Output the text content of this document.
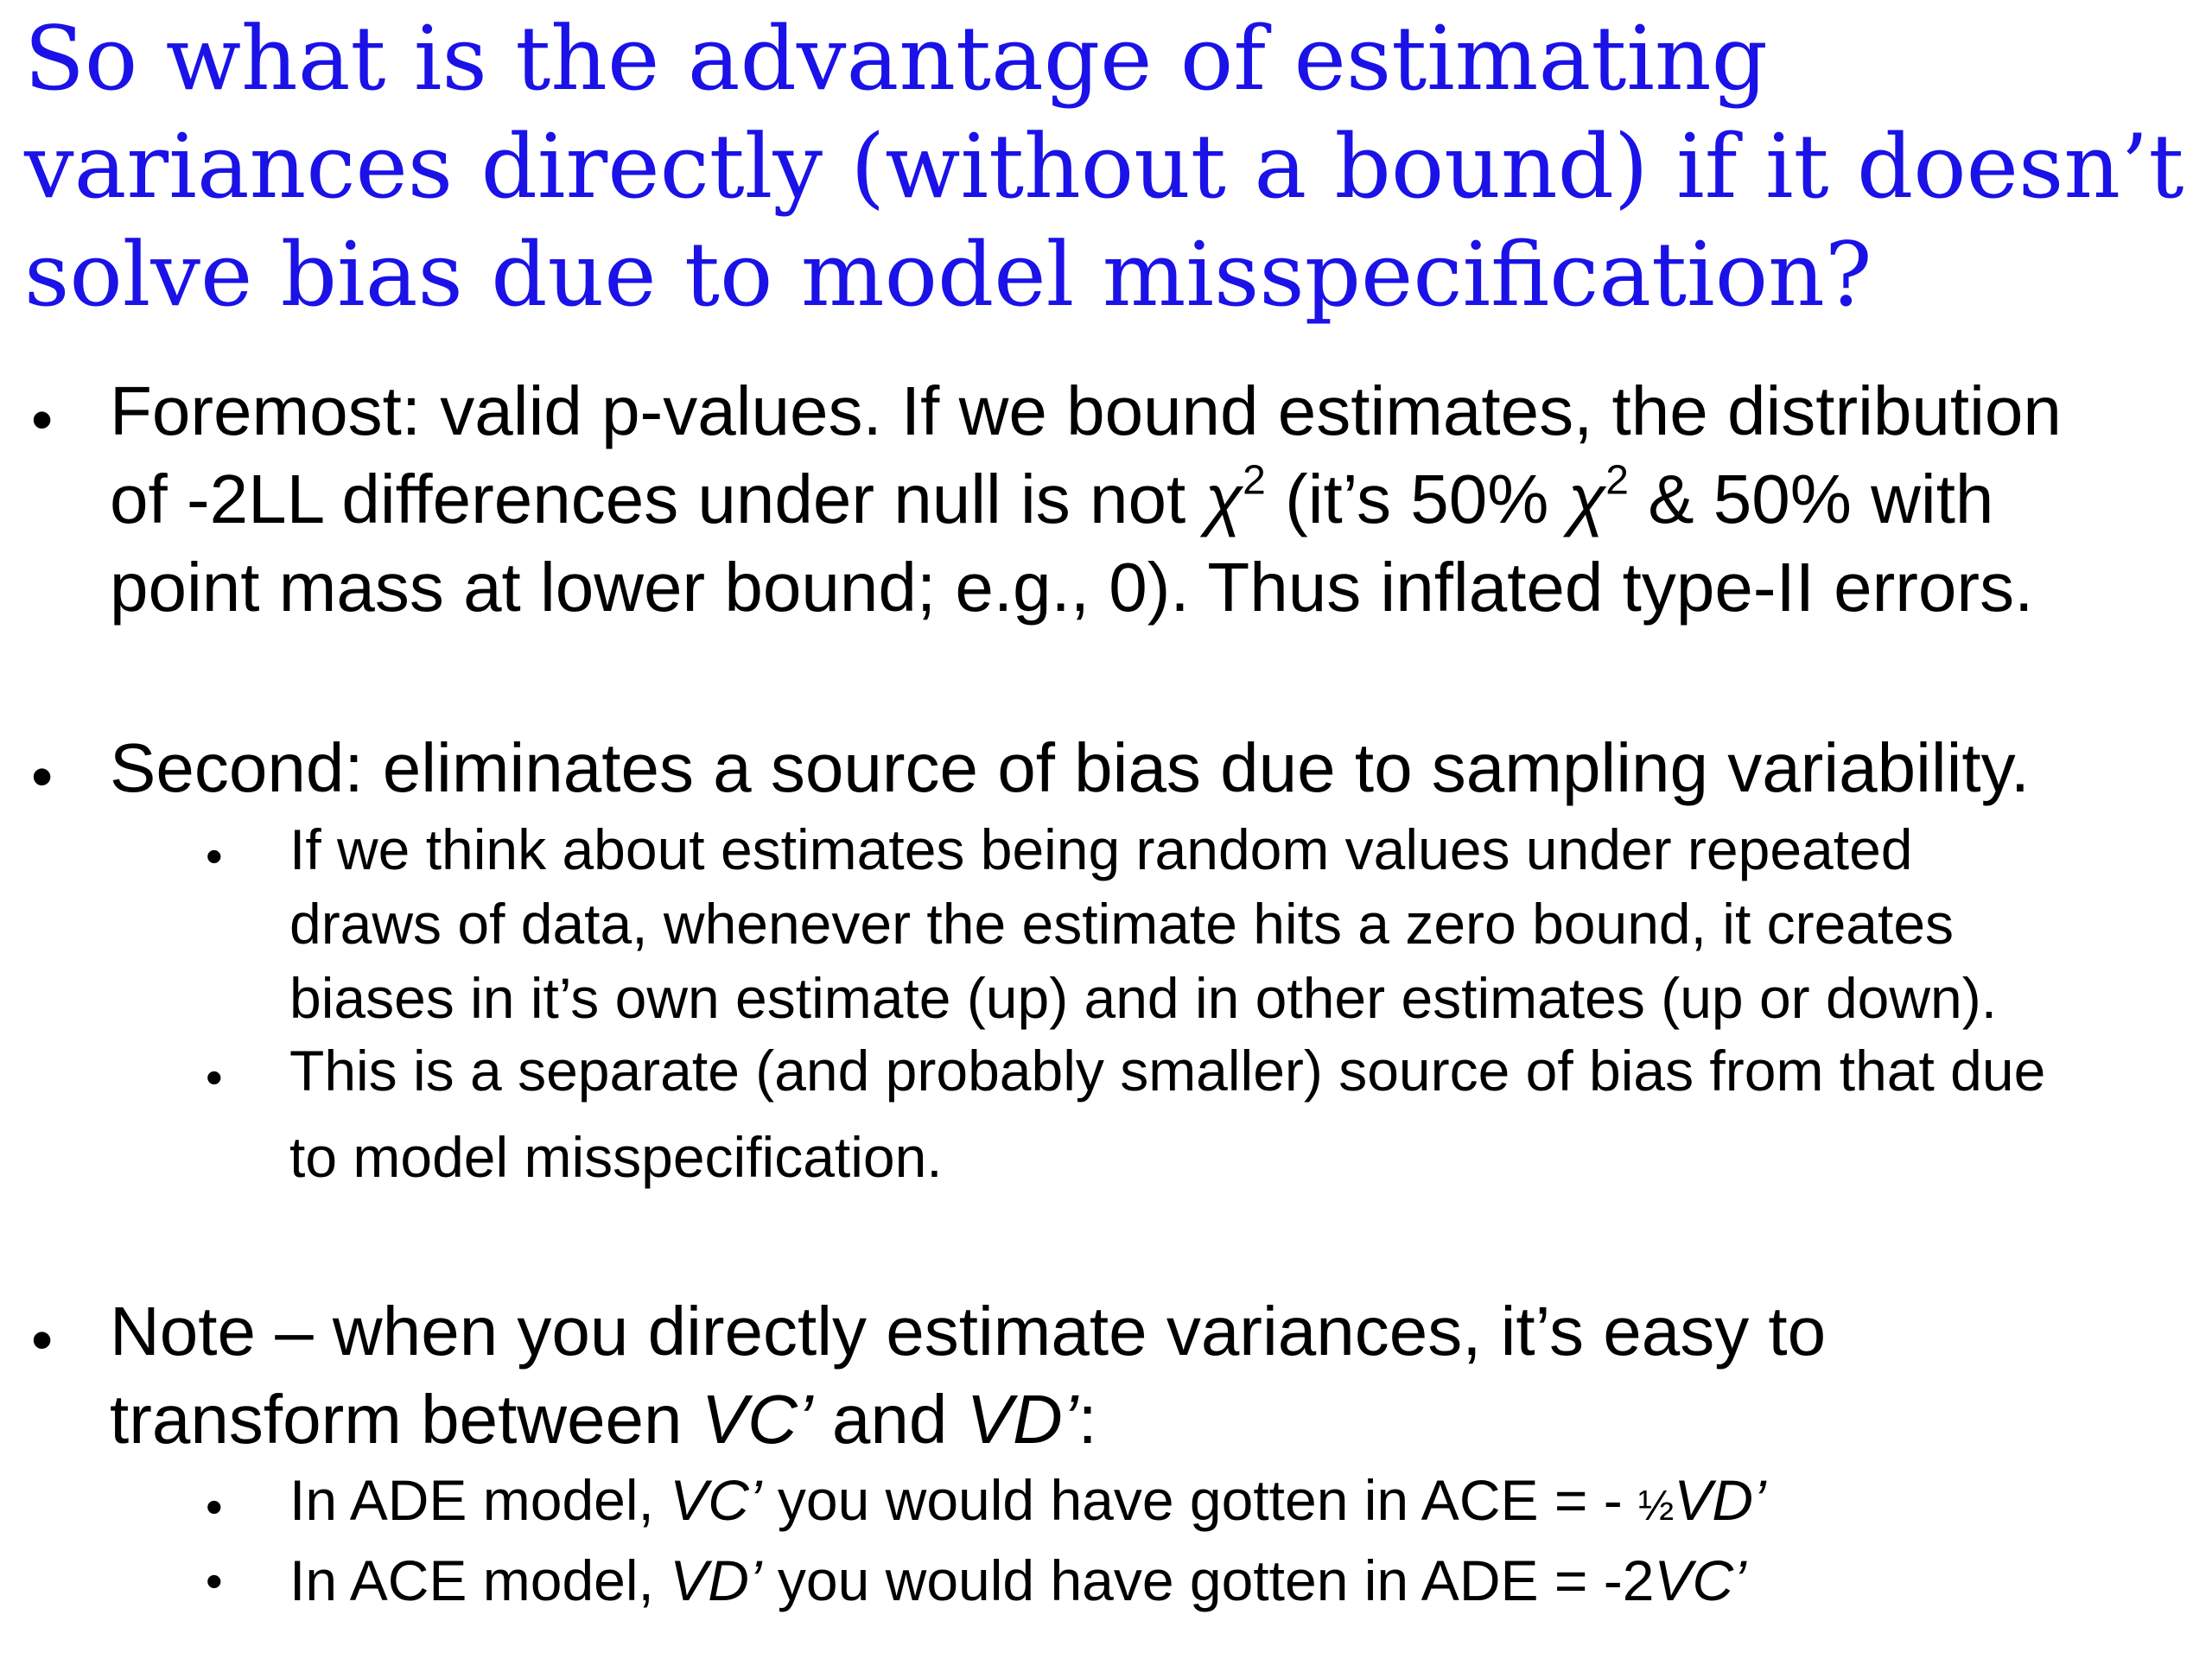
So what is the advantage of estimating
variances directly (without a bound) if it doesn’t
solve bias due to model misspecification?
• Foremost: valid p-values. If we bound estimates, the distribution
of -2LL differences under null is not $\chi^2$ (it’s 50% $\chi^2$ & 50% with
point mass at lower bound; e.g., 0). Thus inflated type-II errors.
• Second: eliminates a source of bias due to sampling variability.
• If we think about estimates being random values under repeated
draws of data, whenever the estimate hits a zero bound, it creates
biases in it’s own estimate (up) and in other estimates (up or down).
• This is a separate (and probably smaller) source of bias from that due
to model misspecification.
• Note – when you directly estimate variances, it’s easy to
transform between VC’ and VD’:
• In ADE model, VC’ you would have gotten in ACE = - ½VD’
In ACE model, VD’ you would have gotten in ADE = -2VC’
•
